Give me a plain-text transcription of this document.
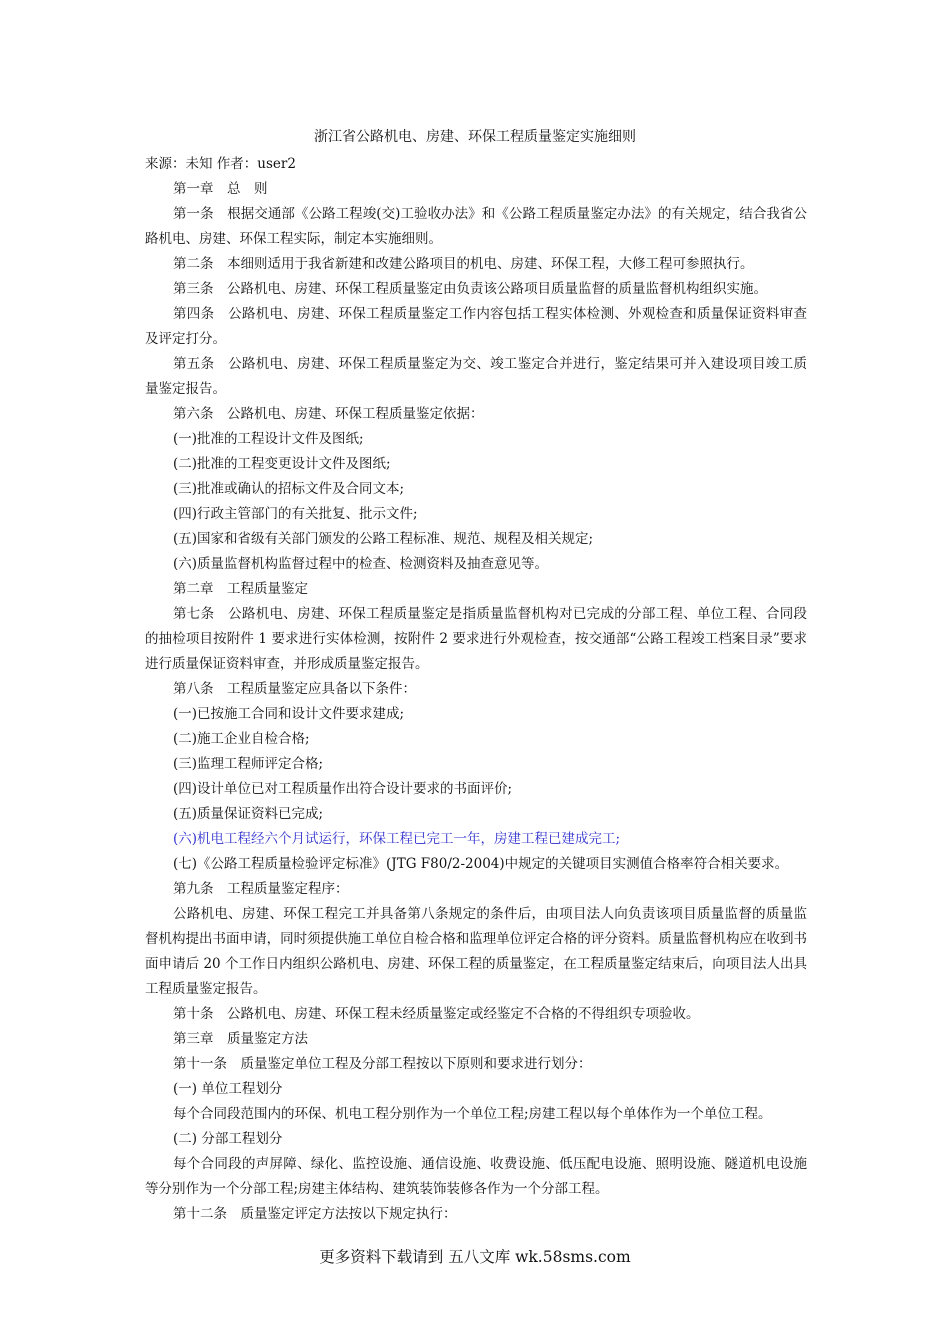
浙江省公路机电、房建、环保工程质量鉴定实施细则

来源：未知 作者：user2

第一章　总　则

第一条　根据交通部《公路工程竣(交)工验收办法》和《公路工程质量鉴定办法》的有关规定，结合我省公路机电、房建、环保工程实际，制定本实施细则。

第二条　本细则适用于我省新建和改建公路项目的机电、房建、环保工程，大修工程可参照执行。

第三条　公路机电、房建、环保工程质量鉴定由负责该公路项目质量监督的质量监督机构组织实施。

第四条　公路机电、房建、环保工程质量鉴定工作内容包括工程实体检测、外观检查和质量保证资料审查及评定打分。

第五条　公路机电、房建、环保工程质量鉴定为交、竣工鉴定合并进行，鉴定结果可并入建设项目竣工质量鉴定报告。

第六条　公路机电、房建、环保工程质量鉴定依据：

(一)批准的工程设计文件及图纸;

(二)批准的工程变更设计文件及图纸;

(三)批准或确认的招标文件及合同文本;

(四)行政主管部门的有关批复、批示文件;

(五)国家和省级有关部门颁发的公路工程标准、规范、规程及相关规定;

(六)质量监督机构监督过程中的检查、检测资料及抽查意见等。

第二章　工程质量鉴定

第七条　公路机电、房建、环保工程质量鉴定是指质量监督机构对已完成的分部工程、单位工程、合同段的抽检项目按附件 1 要求进行实体检测，按附件 2 要求进行外观检查，按交通部“公路工程竣工档案目录”要求进行质量保证资料审查，并形成质量鉴定报告。

第八条　工程质量鉴定应具备以下条件：

(一)已按施工合同和设计文件要求建成;

(二)施工企业自检合格;

(三)监理工程师评定合格;

(四)设计单位已对工程质量作出符合设计要求的书面评价;

(五)质量保证资料已完成;

(六)机电工程经六个月试运行，环保工程已完工一年，房建工程已建成完工;

(七)《公路工程质量检验评定标准》(JTG F80/2-2004)中规定的关键项目实测值合格率符合相关要求。

第九条　工程质量鉴定程序：

公路机电、房建、环保工程完工并具备第八条规定的条件后，由项目法人向负责该项目质量监督的质量监督机构提出书面申请，同时须提供施工单位自检合格和监理单位评定合格的评分资料。质量监督机构应在收到书面申请后 20 个工作日内组织公路机电、房建、环保工程的质量鉴定，在工程质量鉴定结束后，向项目法人出具工程质量鉴定报告。

第十条　公路机电、房建、环保工程未经质量鉴定或经鉴定不合格的不得组织专项验收。

第三章　质量鉴定方法

第十一条　质量鉴定单位工程及分部工程按以下原则和要求进行划分：

(一) 单位工程划分

每个合同段范围内的环保、机电工程分别作为一个单位工程;房建工程以每个单体作为一个单位工程。

(二) 分部工程划分

每个合同段的声屏障、绿化、监控设施、通信设施、收费设施、低压配电设施、照明设施、隧道机电设施等分别作为一个分部工程;房建主体结构、建筑装饰装修各作为一个分部工程。

第十二条　质量鉴定评定方法按以下规定执行：

更多资料下载请到 五八文库 wk.58sms.com
